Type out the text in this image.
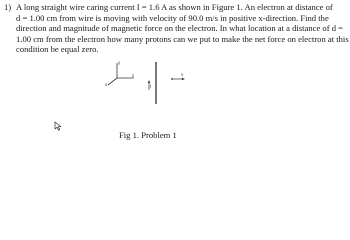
1) A long straight wire caring current I = 1.6 A as shown in Figure 1. An electron at distance of
d = 1.00 cm from wire is moving with velocity of 90.0 m/s in positive x-direction. Find the
direction and magnitude of magnetic force on the electron. In what location at a distance of d =
1.00 cm from the electron how many protons can we put to make the net force on electron at this
condition be equal zero.
y
x
z
I
v
Fig 1. Problem 1
